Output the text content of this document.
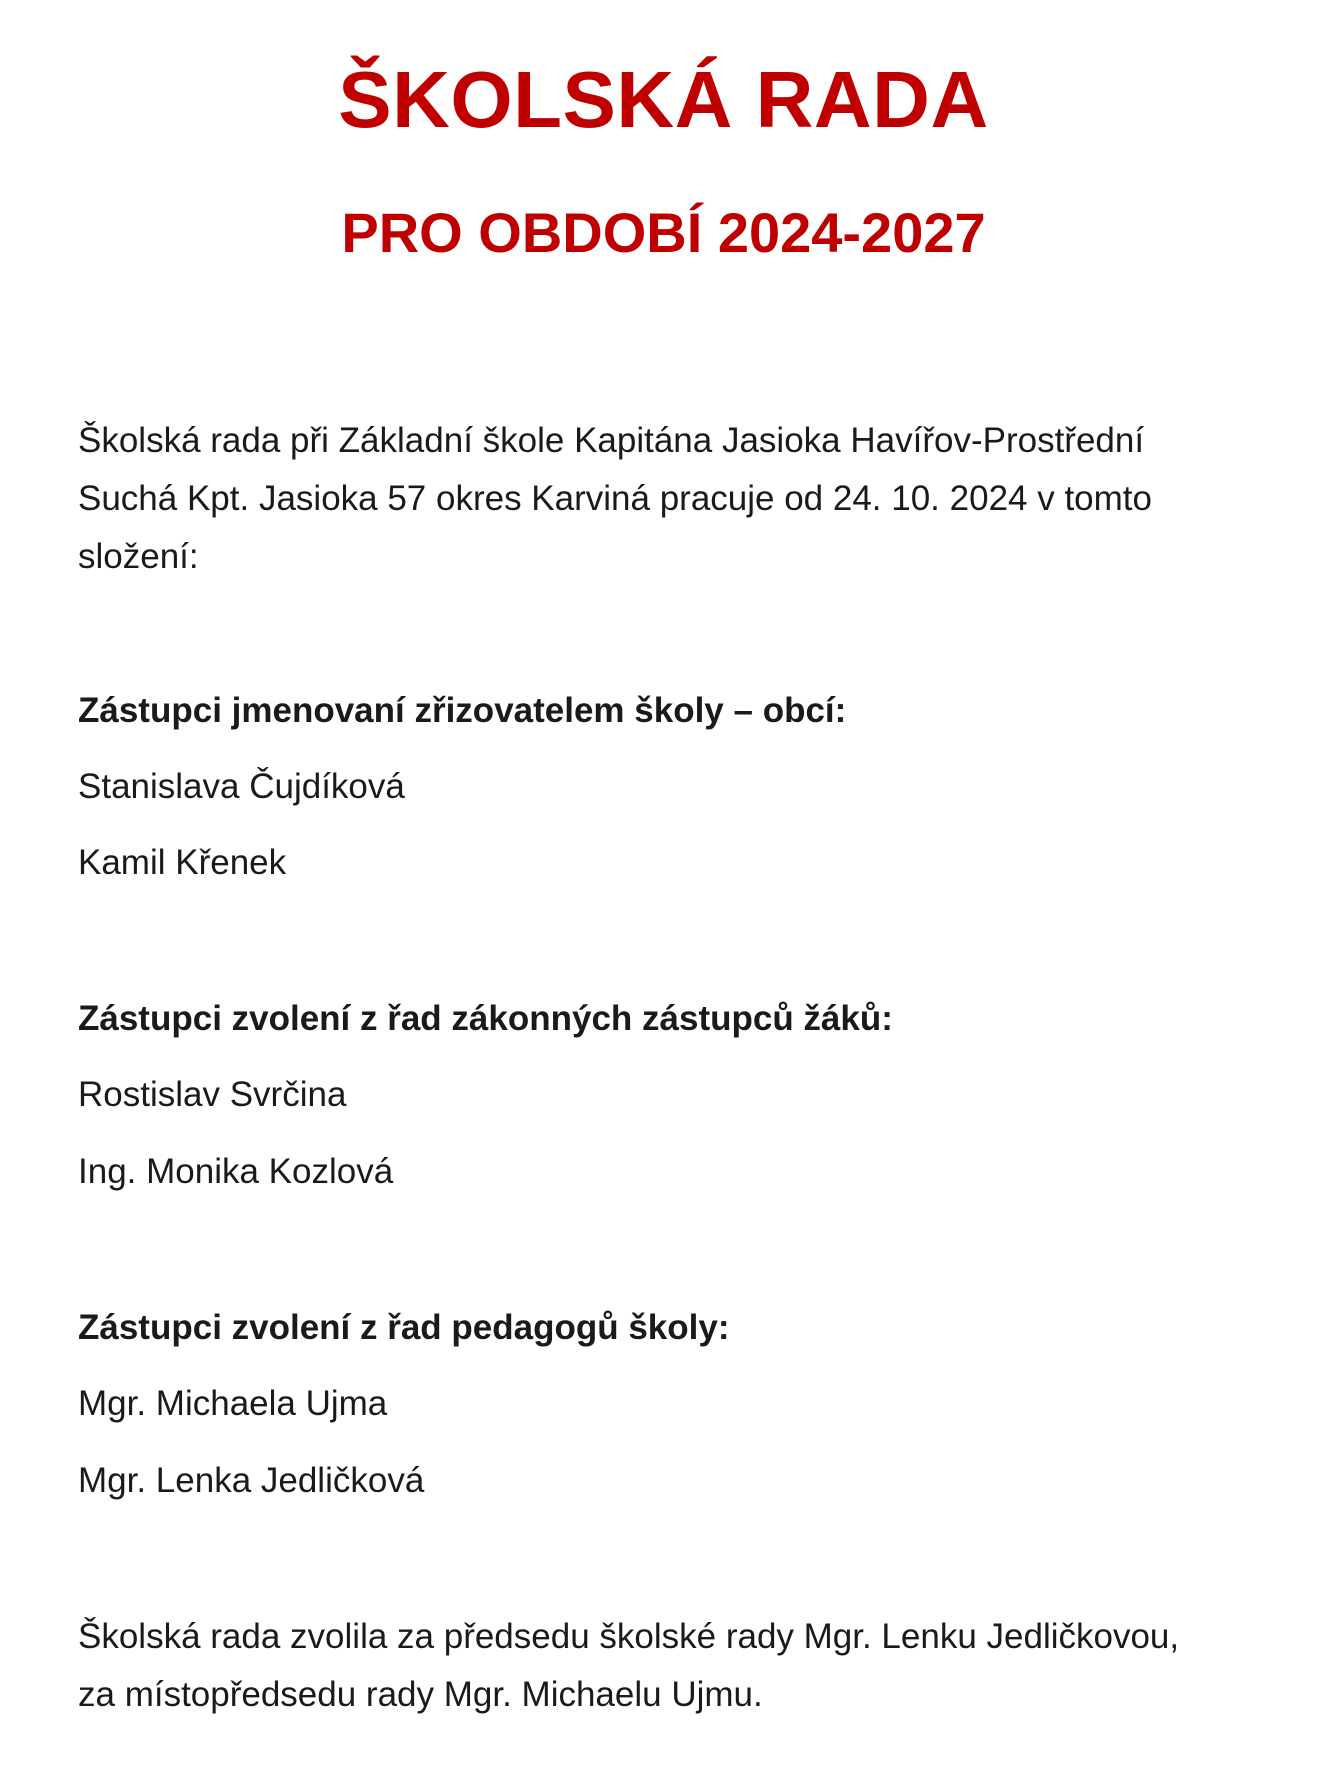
ŠKOLSKÁ RADA
PRO OBDOBÍ 2024-2027
Školská rada při Základní škole Kapitána Jasioka Havířov-Prostřední
Suchá Kpt. Jasioka 57 okres Karviná pracuje od 24. 10. 2024 v tomto
složení:
Zástupci jmenovaní zřizovatelem školy – obcí:
Stanislava Čujdíková
Kamil Křenek
Zástupci zvolení z řad zákonných zástupců žáků:
Rostislav Svrčina
Ing. Monika Kozlová
Zástupci zvolení z řad pedagogů školy:
Mgr. Michaela Ujma
Mgr. Lenka Jedličková
Školská rada zvolila za předsedu školské rady Mgr. Lenku Jedličkovou,
za místopředsedu rady Mgr. Michaelu Ujmu.
